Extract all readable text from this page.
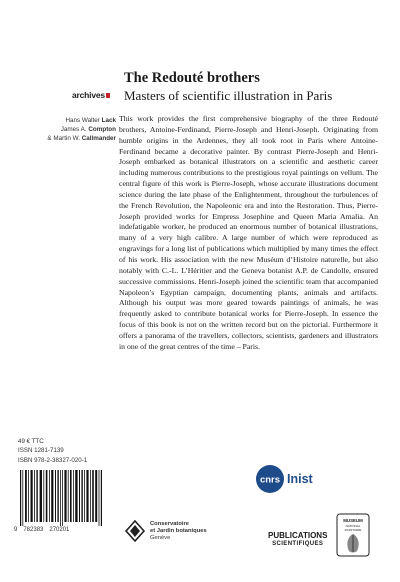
The Redouté brothers
Masters of scientific illustration in Paris
archives
Hans Walter Lack
James A. Compton
& Martin W. Callmander

This work provides the first comprehensive biography of the three Redouté brothers, Antoine-Ferdinand, Pierre-Joseph and Henri-Joseph. Originating from humble origins in the Ardennes, they all took root in Paris where Antoine-Ferdinand became a decorative painter. By contrast Pierre-Joseph and Henri-Joseph embarked as botanical illustrators on a scientific and aesthetic career including numerous contributions to the prestigious royal paintings on vellum. The central figure of this work is Pierre-Joseph, whose accurate illustrations document science during the late phase of the Enlightenment, throughout the turbulences of the French Revolution, the Napoleonic era and into the Restoration. Thus, Pierre-Joseph provided works for Empress Josephine and Queen Maria Amalia. An indefatigable worker, he produced an enormous number of botanical illustrations, many of a very high calibre. A large number of which were reproduced as engravings for a long list of publications which multiplied by many times the effect of his work. His association with the new Muséum d’Histoire naturelle, but also notably with C.-L. L’Héritier and the Geneva botanist A.P. de Candolle, ensured successive commissions. Henri-Joseph joined the scientific team that accompanied Napoleon’s Egyptian campaign, documenting plants, animals and artifacts. Although his output was more geared towards paintings of animals, he was frequently asked to contribute botanical works for Pierre-Joseph. In essence the focus of this book is not on the written record but on the pictorial. Furthermore it offers a panorama of the travellers, collectors, scientists, gardeners and illustrators in one of the great centres of the time – Paris.

49 € TTC
ISSN 1281-7139
ISBN 978-2-38327-020-1
9 782383 270201
Conservatoire
et Jardin botaniques
Genève
cnrs Inist
PUBLICATIONS
SCIENTIFIQUES
MUSEUM
NATIONAL
D'HISTOIRE
